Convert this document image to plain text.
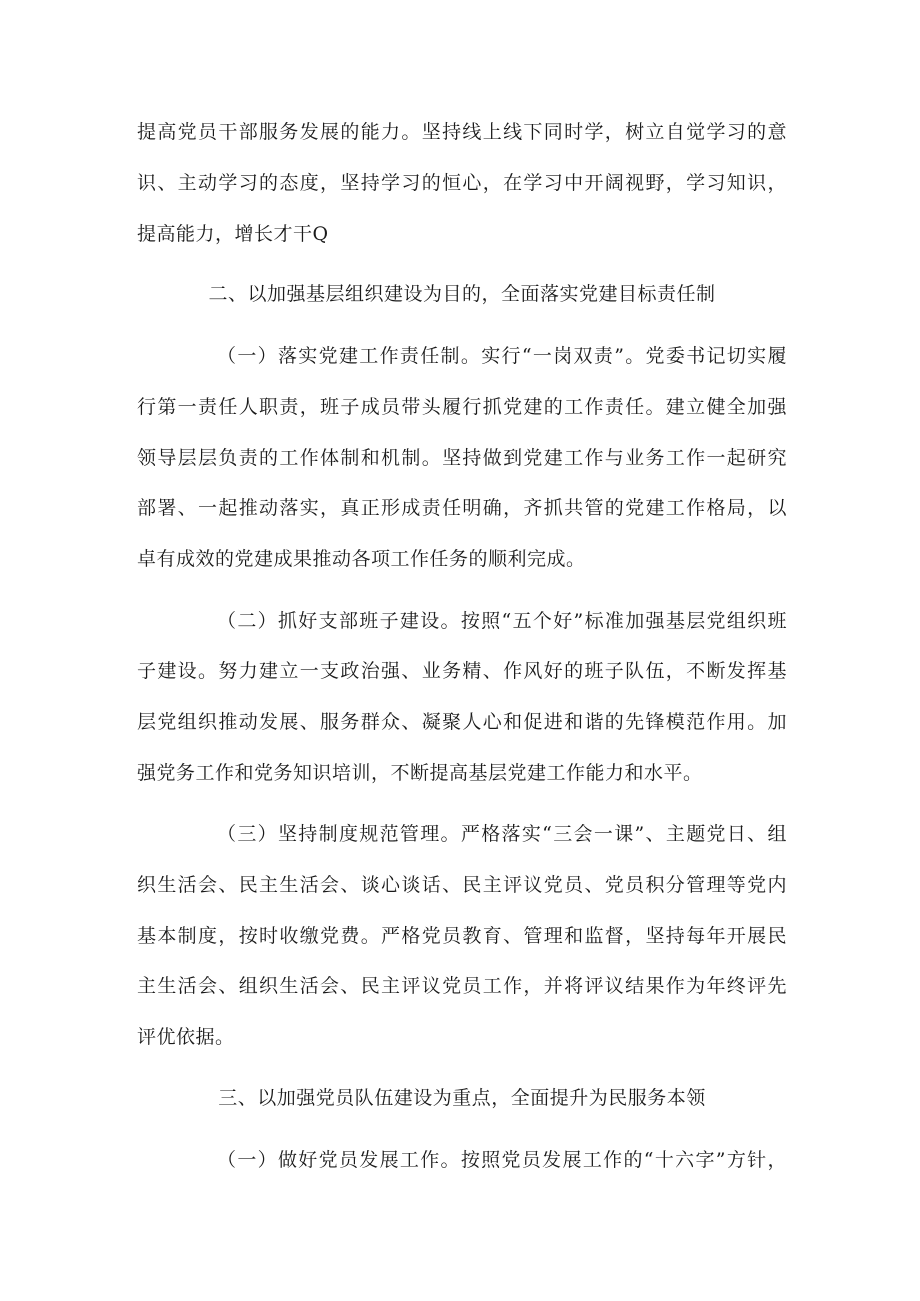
提高党员干部服务发展的能力。坚持线上线下同时学，树立自觉学习的意
识、主动学习的态度，坚持学习的恒心，在学习中开阔视野，学习知识，
提高能力，增长才干Q
二、以加强基层组织建设为目的，全面落实党建目标责任制
（一）落实党建工作责任制。实行“一岗双责”。党委书记切实履
行第一责任人职责，班子成员带头履行抓党建的工作责任。建立健全加强
领导层层负责的工作体制和机制。坚持做到党建工作与业务工作一起研究
部署、一起推动落实，真正形成责任明确，齐抓共管的党建工作格局，以
卓有成效的党建成果推动各项工作任务的顺利完成。
（二）抓好支部班子建设。按照“五个好”标准加强基层党组织班
子建设。努力建立一支政治强、业务精、作风好的班子队伍，不断发挥基
层党组织推动发展、服务群众、凝聚人心和促进和谐的先锋模范作用。加
强党务工作和党务知识培训，不断提高基层党建工作能力和水平。
（三）坚持制度规范管理。严格落实“三会一课”、主题党日、组
织生活会、民主生活会、谈心谈话、民主评议党员、党员积分管理等党内
基本制度，按时收缴党费。严格党员教育、管理和监督，坚持每年开展民
主生活会、组织生活会、民主评议党员工作，并将评议结果作为年终评先
评优依据。
三、以加强党员队伍建设为重点，全面提升为民服务本领
（一）做好党员发展工作。按照党员发展工作的“十六字”方针，
